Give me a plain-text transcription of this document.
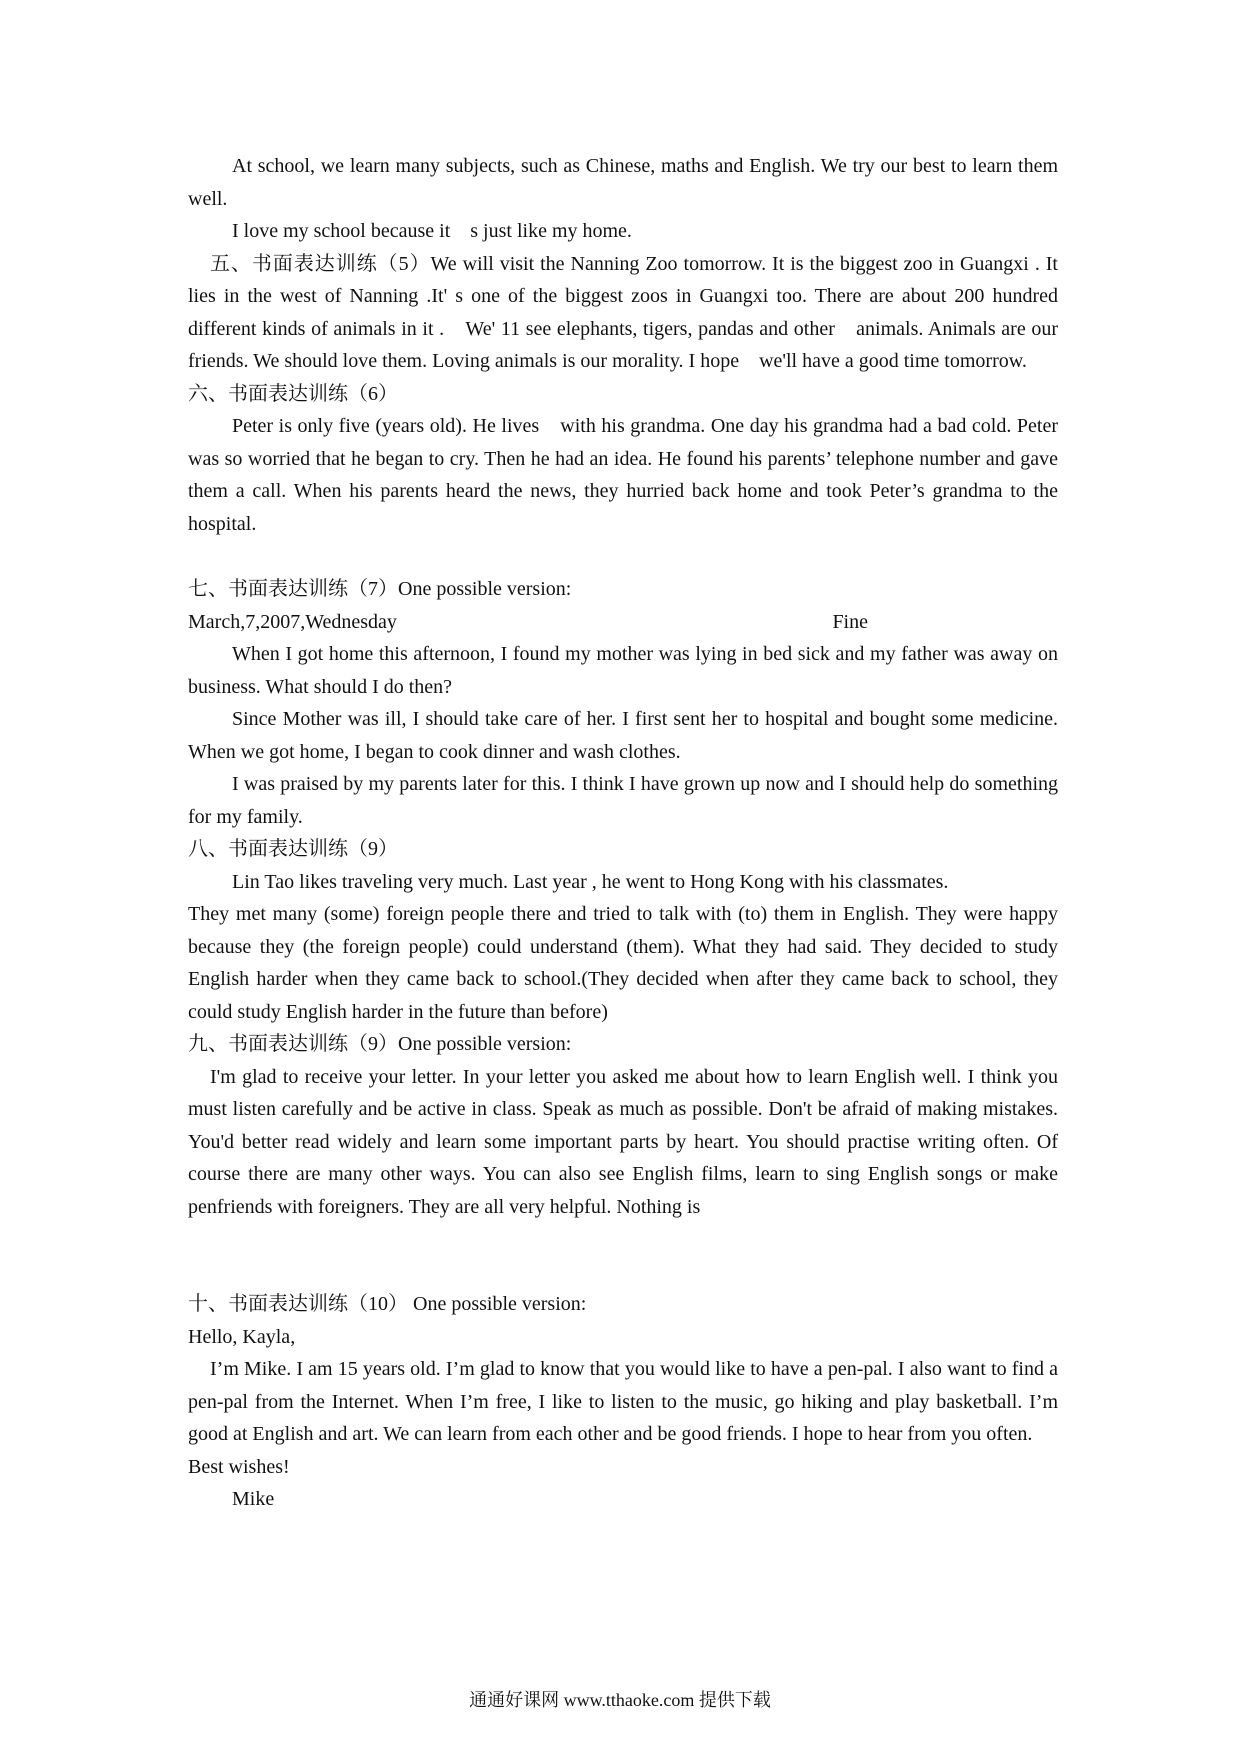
At school, we learn many subjects, such as Chinese, maths and English. We try our best to learn them well.

I love my school because it　s just like my home.

五、书面表达训练（5）We will visit the Nanning Zoo tomorrow. It is the biggest zoo in Guangxi . It lies in the west of Nanning .It' s one of the biggest zoos in Guangxi too. There are about 200 hundred different kinds of animals in it .　We' 11 see elephants, tigers, pandas and other　animals. Animals are our friends. We should love them. Loving animals is our morality. I hope　we'll have a good time tomorrow.

六、书面表达训练（6）

Peter is only five (years old). He lives　with his grandma. One day his grandma had a bad cold. Peter was so worried that he began to cry. Then he had an idea. He found his parents’ telephone number and gave them a call. When his parents heard the news, they hurried back home and took Peter’s grandma to the hospital.

七、书面表达训练（7）One possible version:

March,7,2007,Wednesday	Fine

When I got home this afternoon, I found my mother was lying in bed sick and my father was away on business. What should I do then?

Since Mother was ill, I should take care of her. I first sent her to hospital and bought some medicine. When we got home, I began to cook dinner and wash clothes.

I was praised by my parents later for this. I think I have grown up now and I should help do something for my family.

八、书面表达训练（9）

Lin Tao likes traveling very much. Last year , he went to Hong Kong with his classmates.

They met many (some) foreign people there and tried to talk with (to) them in English. They were happy because they (the foreign people) could understand (them). What they had said. They decided to study English harder when they came back to school.(They decided when after they came back to school, they could study English harder in the future than before)

九、书面表达训练（9）One possible version:

I'm glad to receive your letter. In your letter you asked me about how to learn English well. I think you must listen carefully and be active in class. Speak as much as possible. Don't be afraid of making mistakes. You'd better read widely and learn some important parts by heart. You should practise writing often. Of course there are many other ways. You can also see English films, learn to sing English songs or make penfriends with foreigners. They are all very helpful. Nothing is

十、书面表达训练（10） One possible version:

Hello, Kayla,

I’m Mike. I am 15 years old. I’m glad to know that you would like to have a pen-pal. I also want to find a pen-pal from the Internet. When I’m free, I like to listen to the music, go hiking and play basketball. I’m good at English and art. We can learn from each other and be good friends. I hope to hear from you often.

Best wishes!

Mike

通通好课网 www.tthaoke.com 提供下载
